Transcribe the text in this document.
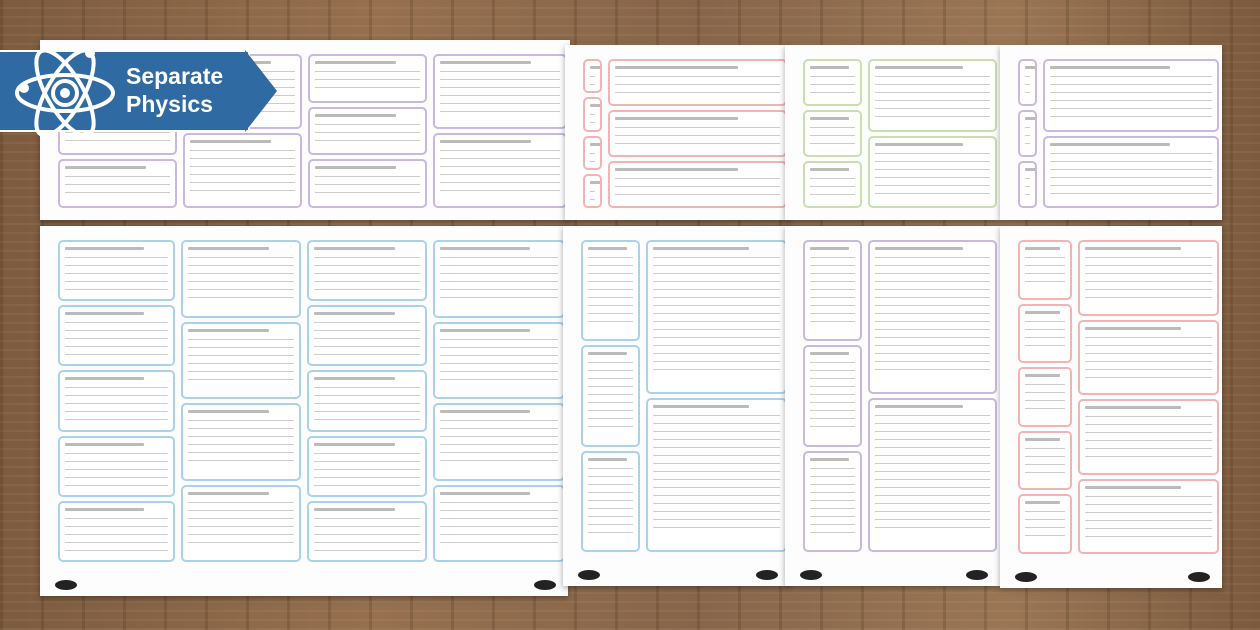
Separate
Physics
